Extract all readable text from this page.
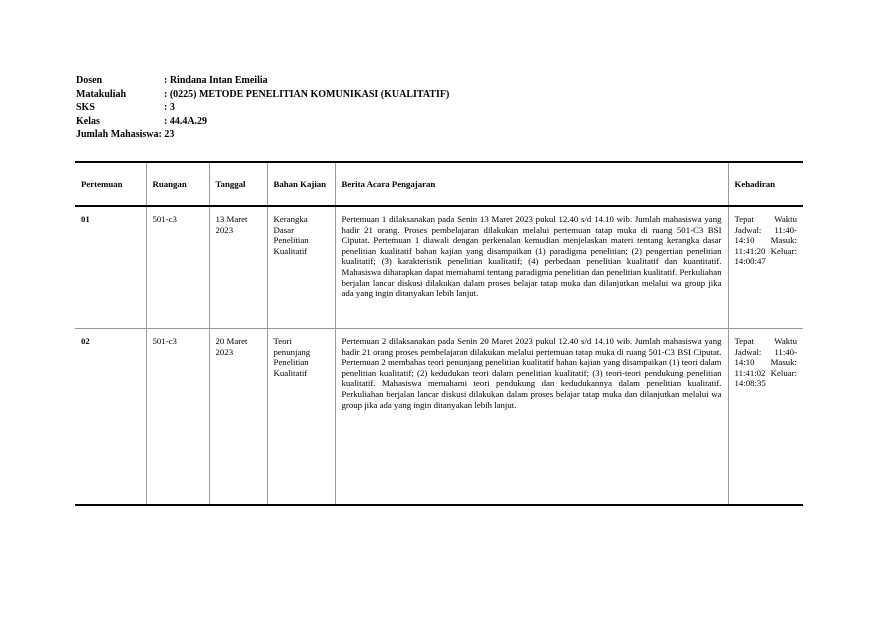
Dosen	: Rindana Intan Emeilia
Matakuliah	: (0225) METODE PENELITIAN KOMUNIKASI (KUALITATIF)
SKS	: 3
Kelas	: 44.4A.29
Jumlah Mahasiswa : 23
Pertemuan	Ruangan	Tanggal	Bahan Kajian	Berita Acara Pengajaran	Kehadiran
01	501-c3	13 Maret 2023	Kerangka Dasar Penelitian Kualitatif	Pertemuan 1 dilaksanakan pada Senin 13 Maret 2023 pukul 12.40 s/d 14.10 wib. Jumlah mahasiswa yang hadir 21 orang. Proses pembelajaran dilakukan melalui pertemuan tatap muka di ruang 501-C3 BSI Ciputat. Pertemuan 1 diawali dengan perkenalan kemudian menjelaskan materi tentang kerangka dasar penelitian kualitatif bahan kajian yang disampaikan (1) paradigma penelitian; (2) pengertian penelitian kualitatif; (3) karakteristik penelitian kualitatif; (4) perbedaan penelitian kualitatif dan kuantitatif. Mahasiswa diharapkan dapat memahami tentang paradigma penelitian dan penelitian kualitatif. Perkuliahan berjalan lancar diskusi dilakukan dalam proses belajar tatap muka dan dilanjutkan melalui wa group jika ada yang ingin ditanyakan lebih lanjut.	Tepat Waktu Jadwal: 11:40-14:10 Masuk: 11:41:20 Keluar: 14:00:47
02	501-c3	20 Maret 2023	Teori penunjang Penelitian Kualitatif	Pertemuan 2 dilaksanakan pada Senin 20 Maret 2023 pukul 12.40 s/d 14.10 wib. Jumlah mahasiswa yang hadir 21 orang proses pembelajaran dilakukan melalui pertemuan tatap muka di ruang 501-C3 BSI Ciputat. Pertemuan 2 membahas teori penunjang penelitian kualitatif bahan kajian yang disampaikan (1) teori dalam penelitian kualitatif; (2) kedudukan teori dalam penelitian kualitatif; (3) teori-teori pendukung penelitian kualitatif. Mahasiswa memahami teori pendukung dan kedudukannya dalam penelitian kualitatif. Perkuliahan berjalan lancar diskusi dilakukan dalam proses belajar tatap muka dan dilanjutkan melalui wa group jika ada yang ingin ditanyakan lebih lanjut.	Tepat Waktu Jadwal: 11:40-14:10 Masuk: 11:41:02 Keluar: 14:08:35
